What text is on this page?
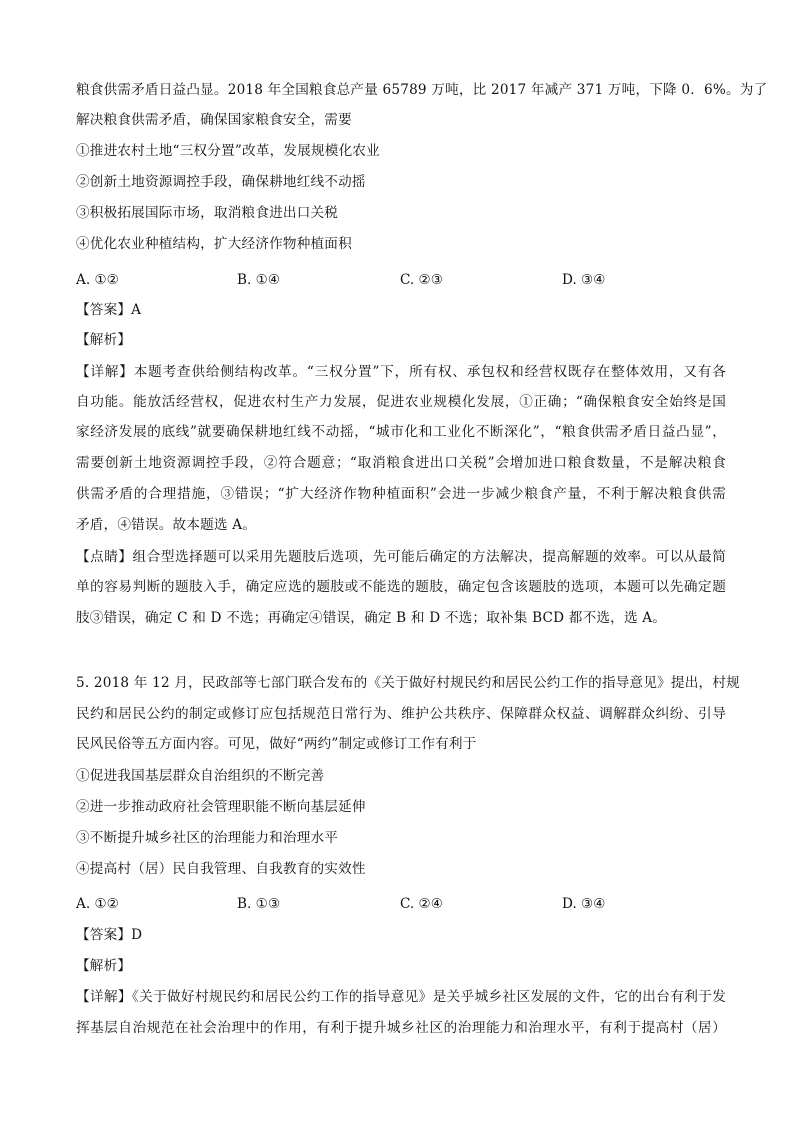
粮食供需矛盾日益凸显。2018 年全国粮食总产量 65789 万吨，比 2017 年减产 371 万吨，下降 0．6%。为了
解决粮食供需矛盾，确保国家粮食安全，需要
①推进农村土地“三权分置”改革，发展规模化农业
②创新土地资源调控手段，确保耕地红线不动摇
③积极拓展国际市场，取消粮食进出口关税
④优化农业种植结构，扩大经济作物种植面积
A. ①②	B. ①④	C. ②③	D. ③④
【答案】A
【解析】
【详解】本题考查供给侧结构改革。“三权分置”下，所有权、承包权和经营权既存在整体效用，又有各
自功能。能放活经营权，促进农村生产力发展，促进农业规模化发展，①正确；“确保粮食安全始终是国
家经济发展的底线”就要确保耕地红线不动摇，“城市化和工业化不断深化”，“粮食供需矛盾日益凸显”，
需要创新土地资源调控手段，②符合题意；“取消粮食进出口关税”会增加进口粮食数量，不是解决粮食
供需矛盾的合理措施，③错误；“扩大经济作物种植面积”会进一步减少粮食产量，不利于解决粮食供需
矛盾，④错误。故本题选 A。
【点睛】组合型选择题可以采用先题肢后选项，先可能后确定的方法解决，提高解题的效率。可以从最简
单的容易判断的题肢入手，确定应选的题肢或不能选的题肢，确定包含该题肢的选项，本题可以先确定题
肢③错误，确定 C 和 D 不选；再确定④错误，确定 B 和 D 不选；取补集 BCD 都不选，选 A。
5. 2018 年 12 月，民政部等七部门联合发布的《关于做好村规民约和居民公约工作的指导意见》提出，村规
民约和居民公约的制定或修订应包括规范日常行为、维护公共秩序、保障群众权益、调解群众纠纷、引导
民风民俗等五方面内容。可见，做好“两约”制定或修订工作有利于
①促进我国基层群众自治组织的不断完善
②进一步推动政府社会管理职能不断向基层延伸
③不断提升城乡社区的治理能力和治理水平
④提高村（居）民自我管理、自我教育的实效性
A. ①②	B. ①③	C. ②④	D. ③④
【答案】D
【解析】
【详解】《关于做好村规民约和居民公约工作的指导意见》是关乎城乡社区发展的文件，它的出台有利于发
挥基层自治规范在社会治理中的作用，有利于提升城乡社区的治理能力和治理水平，有利于提高村（居）
